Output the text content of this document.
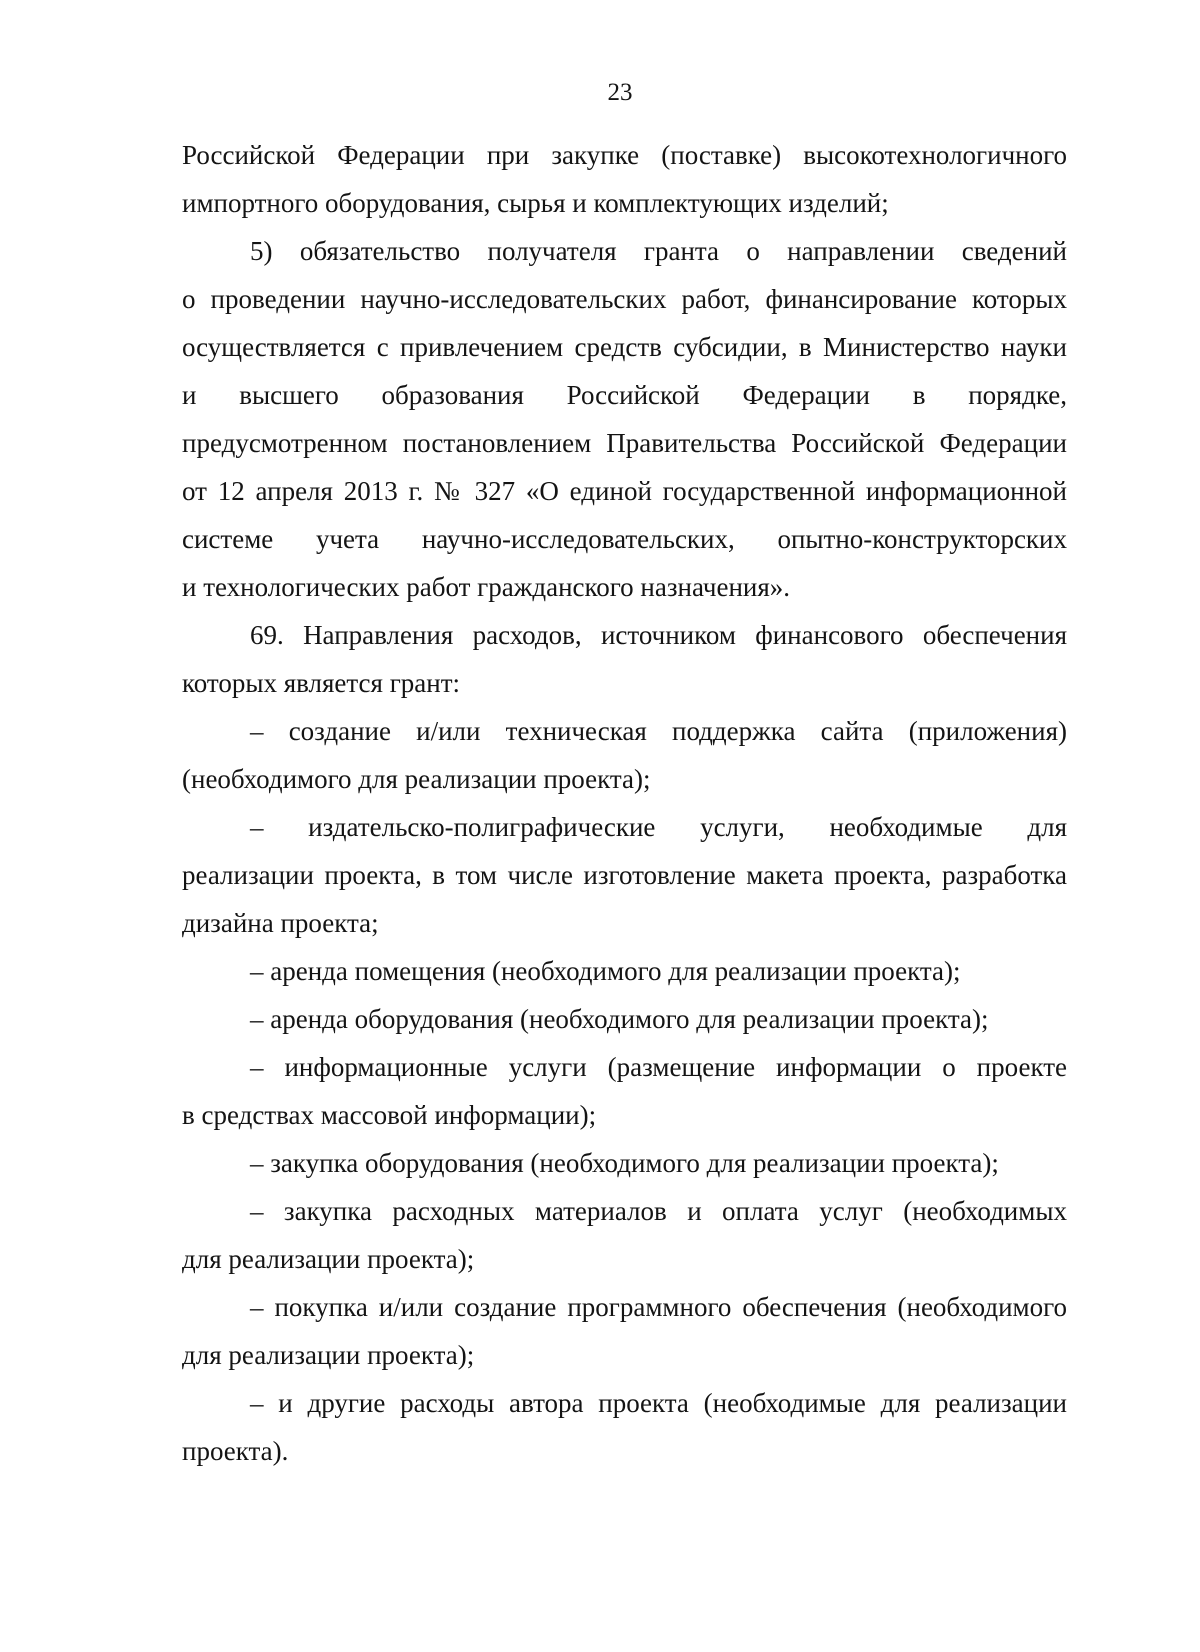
23
Российской Федерации при закупке (поставке) высокотехнологичного
импортного оборудования, сырья и комплектующих изделий;
5) обязательство получателя гранта о направлении сведений
о проведении научно-исследовательских работ, финансирование которых
осуществляется с привлечением средств субсидии, в Министерство науки
и высшего образования Российской Федерации в порядке,
предусмотренном постановлением Правительства Российской Федерации
от 12 апреля 2013 г. № 327 «О единой государственной информационной
системе учета научно-исследовательских, опытно-конструкторских
и технологических работ гражданского назначения».
69. Направления расходов, источником финансового обеспечения
которых является грант:
– создание и/или техническая поддержка сайта (приложения)
(необходимого для реализации проекта);
– издательско-полиграфические услуги, необходимые для
реализации проекта, в том числе изготовление макета проекта, разработка
дизайна проекта;
– аренда помещения (необходимого для реализации проекта);
– аренда оборудования (необходимого для реализации проекта);
– информационные услуги (размещение информации о проекте
в средствах массовой информации);
– закупка оборудования (необходимого для реализации проекта);
– закупка расходных материалов и оплата услуг (необходимых
для реализации проекта);
– покупка и/или создание программного обеспечения (необходимого
для реализации проекта);
– и другие расходы автора проекта (необходимые для реализации
проекта).
